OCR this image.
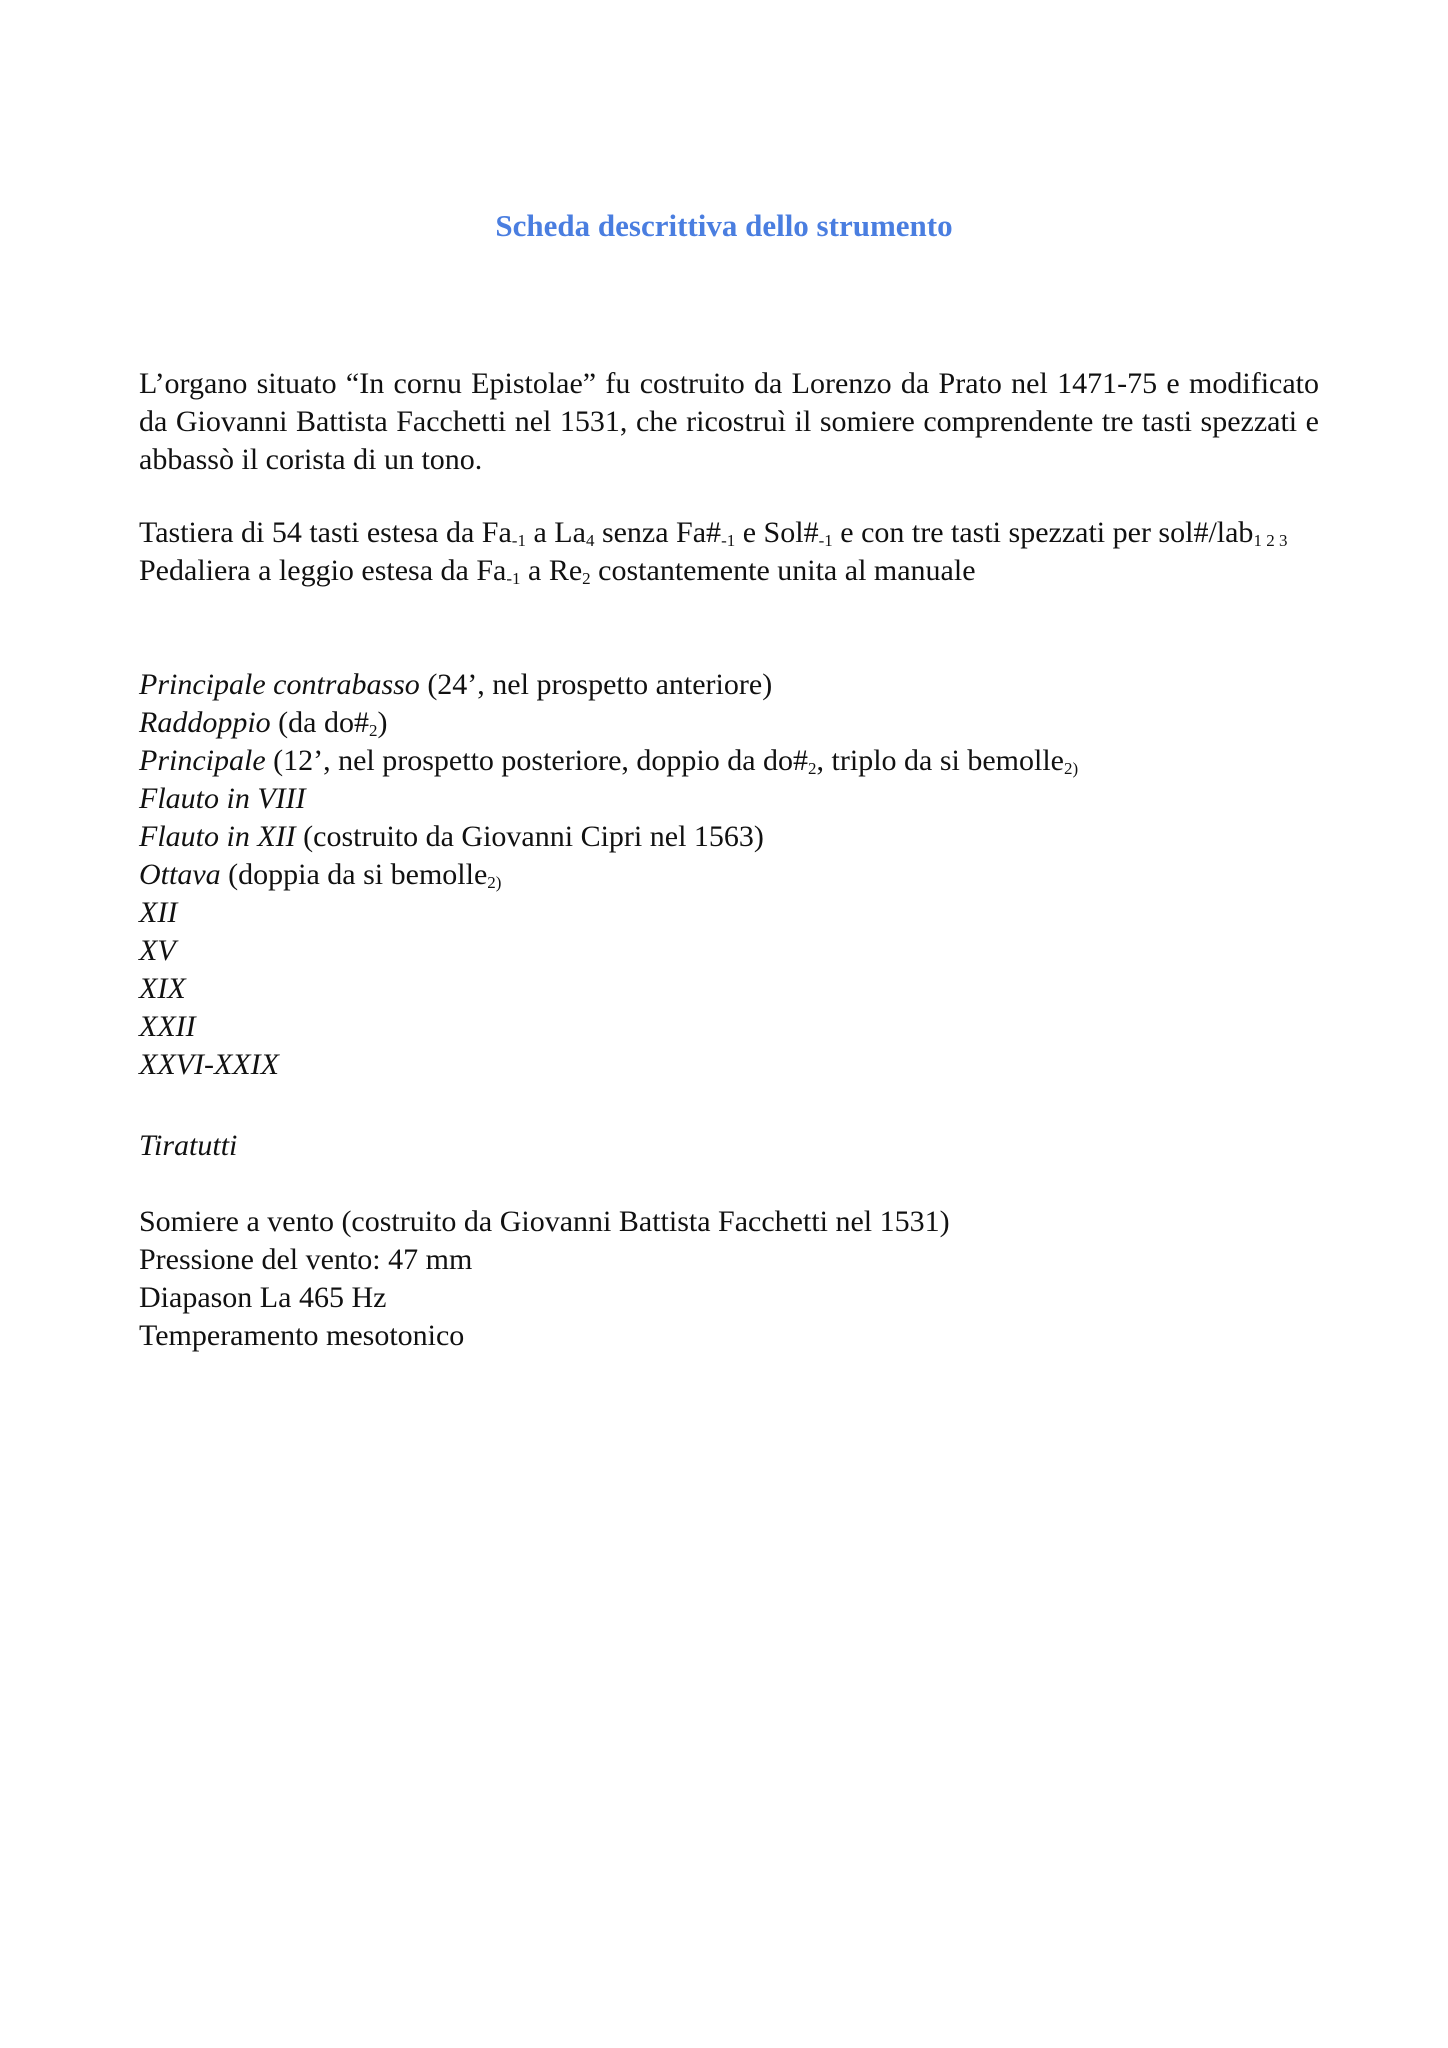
Scheda descrittiva dello strumento
L’organo situato “In cornu Epistolae” fu costruito da Lorenzo da Prato nel 1471-75 e modificato da Giovanni Battista Facchetti nel 1531, che ricostruì il somiere comprendente tre tasti spezzati e abbassò il corista di un tono.
Tastiera di 54 tasti estesa da $Fa_{-1}$ a $La_4$ senza $Fa\#_{-1}$ e $Sol\#_{-1}$ e con tre tasti spezzati per sol#/lab$_{1 2 3}$
Pedaliera a leggio estesa da $Fa_{-1}$ a $Re_2$ costantemente unita al manuale
Principale contrabasso (24’, nel prospetto anteriore)
Raddoppio (da $do\#_2$)
Principale (12’, nel prospetto posteriore, doppio da $do\#_2$, triplo da si bemolle$_{2)}$
Flauto in VIII
Flauto in XII (costruito da Giovanni Cipri nel 1563)
Ottava (doppia da si bemolle$_{2)}$
XII
XV
XIX
XXII
XXVI-XXIX
Tiratutti
Somiere a vento (costruito da Giovanni Battista Facchetti nel 1531)
Pressione del vento: 47 mm
Diapason La 465 Hz
Temperamento mesotonico
